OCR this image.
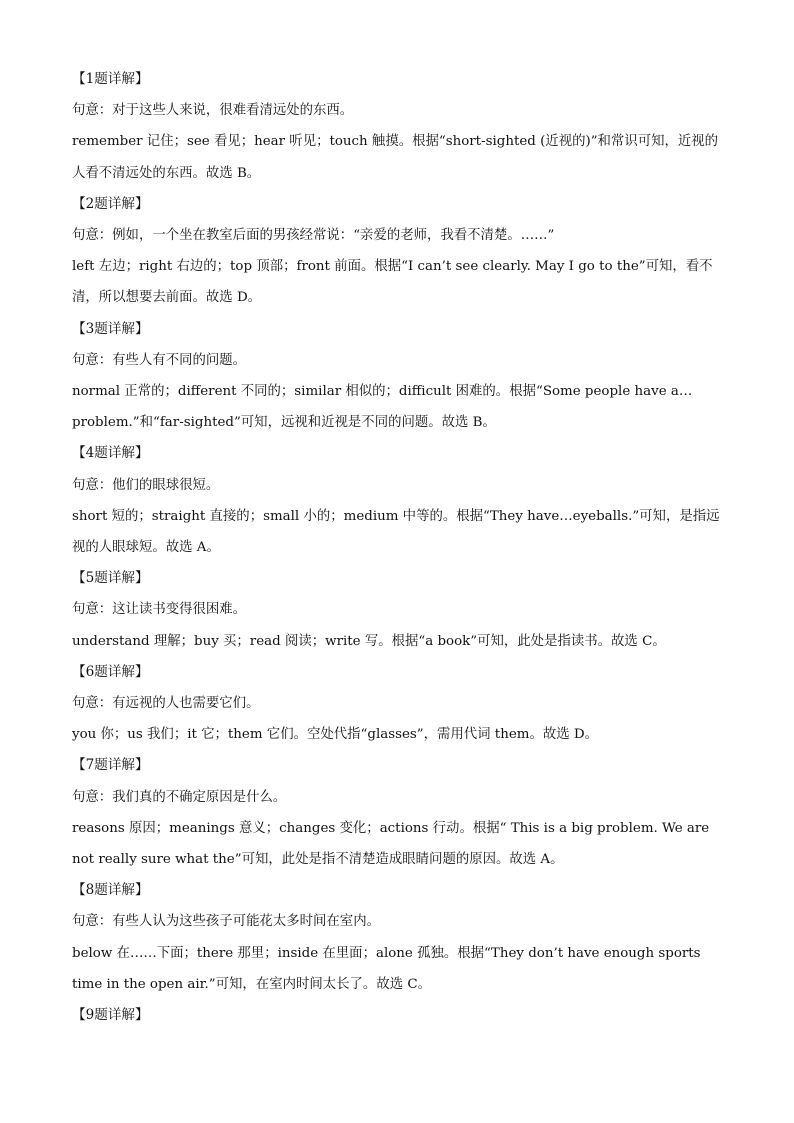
【1题详解】

句意：对于这些人来说，很难看清远处的东西。

remember 记住；see 看见；hear 听见；touch 触摸。根据“short-sighted (近视的)”和常识可知，近视的人看不清远处的东西。故选 B。

【2题详解】

句意：例如，一个坐在教室后面的男孩经常说：“亲爱的老师，我看不清楚。……”

left 左边；right 右边的；top 顶部；front 前面。根据“I can’t see clearly. May I go to the”可知，看不清，所以想要去前面。故选 D。

【3题详解】

句意：有些人有不同的问题。

normal 正常的；different 不同的；similar 相似的；difficult 困难的。根据“Some people have a…problem.”和“far-sighted”可知，远视和近视是不同的问题。故选 B。

【4题详解】

句意：他们的眼球很短。

short 短的；straight 直接的；small 小的；medium 中等的。根据“They have…eyeballs.”可知，是指远视的人眼球短。故选 A。

【5题详解】

句意：这让读书变得很困难。

understand 理解；buy 买；read 阅读；write 写。根据“a book”可知，此处是指读书。故选 C。

【6题详解】

句意：有远视的人也需要它们。

you 你；us 我们；it 它；them 它们。空处代指“glasses”，需用代词 them。故选 D。

【7题详解】

句意：我们真的不确定原因是什么。

reasons 原因；meanings 意义；changes 变化；actions 行动。根据“ This is a big problem. We are not really sure what the”可知，此处是指不清楚造成眼睛问题的原因。故选 A。

【8题详解】

句意：有些人认为这些孩子可能花太多时间在室内。

below 在……下面；there 那里；inside 在里面；alone 孤独。根据“They don’t have enough sports time in the open air.”可知，在室内时间太长了。故选 C。

【9题详解】
